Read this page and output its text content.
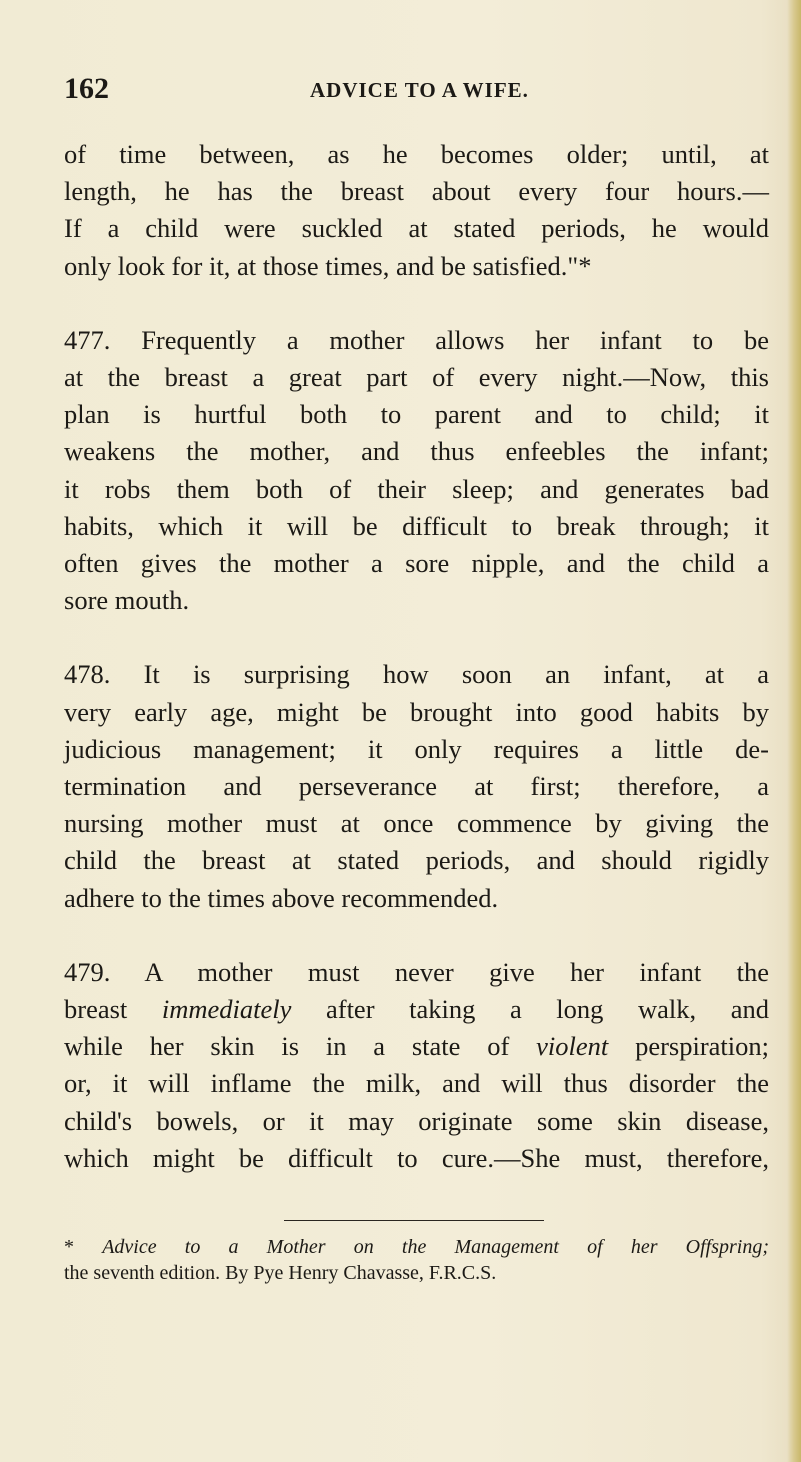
162	ADVICE TO A WIFE.

of time between, as he becomes older; until, at
length, he has the breast about every four hours.—
If a child were suckled at stated periods, he would
only look for it, at those times, and be satisfied."*

477. Frequently a mother allows her infant to be
at the breast a great part of every night.—Now, this
plan is hurtful both to parent and to child; it
weakens the mother, and thus enfeebles the infant;
it robs them both of their sleep; and generates bad
habits, which it will be difficult to break through; it
often gives the mother a sore nipple, and the child a
sore mouth.

478. It is surprising how soon an infant, at a
very early age, might be brought into good habits by
judicious management; it only requires a little de-
termination and perseverance at first; therefore, a
nursing mother must at once commence by giving the
child the breast at stated periods, and should rigidly
adhere to the times above recommended.

479. A mother must never give her infant the
breast immediately after taking a long walk, and
while her skin is in a state of violent perspiration;
or, it will inflame the milk, and will thus disorder the
child's bowels, or it may originate some skin disease,
which might be difficult to cure.—She must, therefore,

* Advice to a Mother on the Management of her Offspring;
the seventh edition. By Pye Henry Chavasse, F.R.C.S.
